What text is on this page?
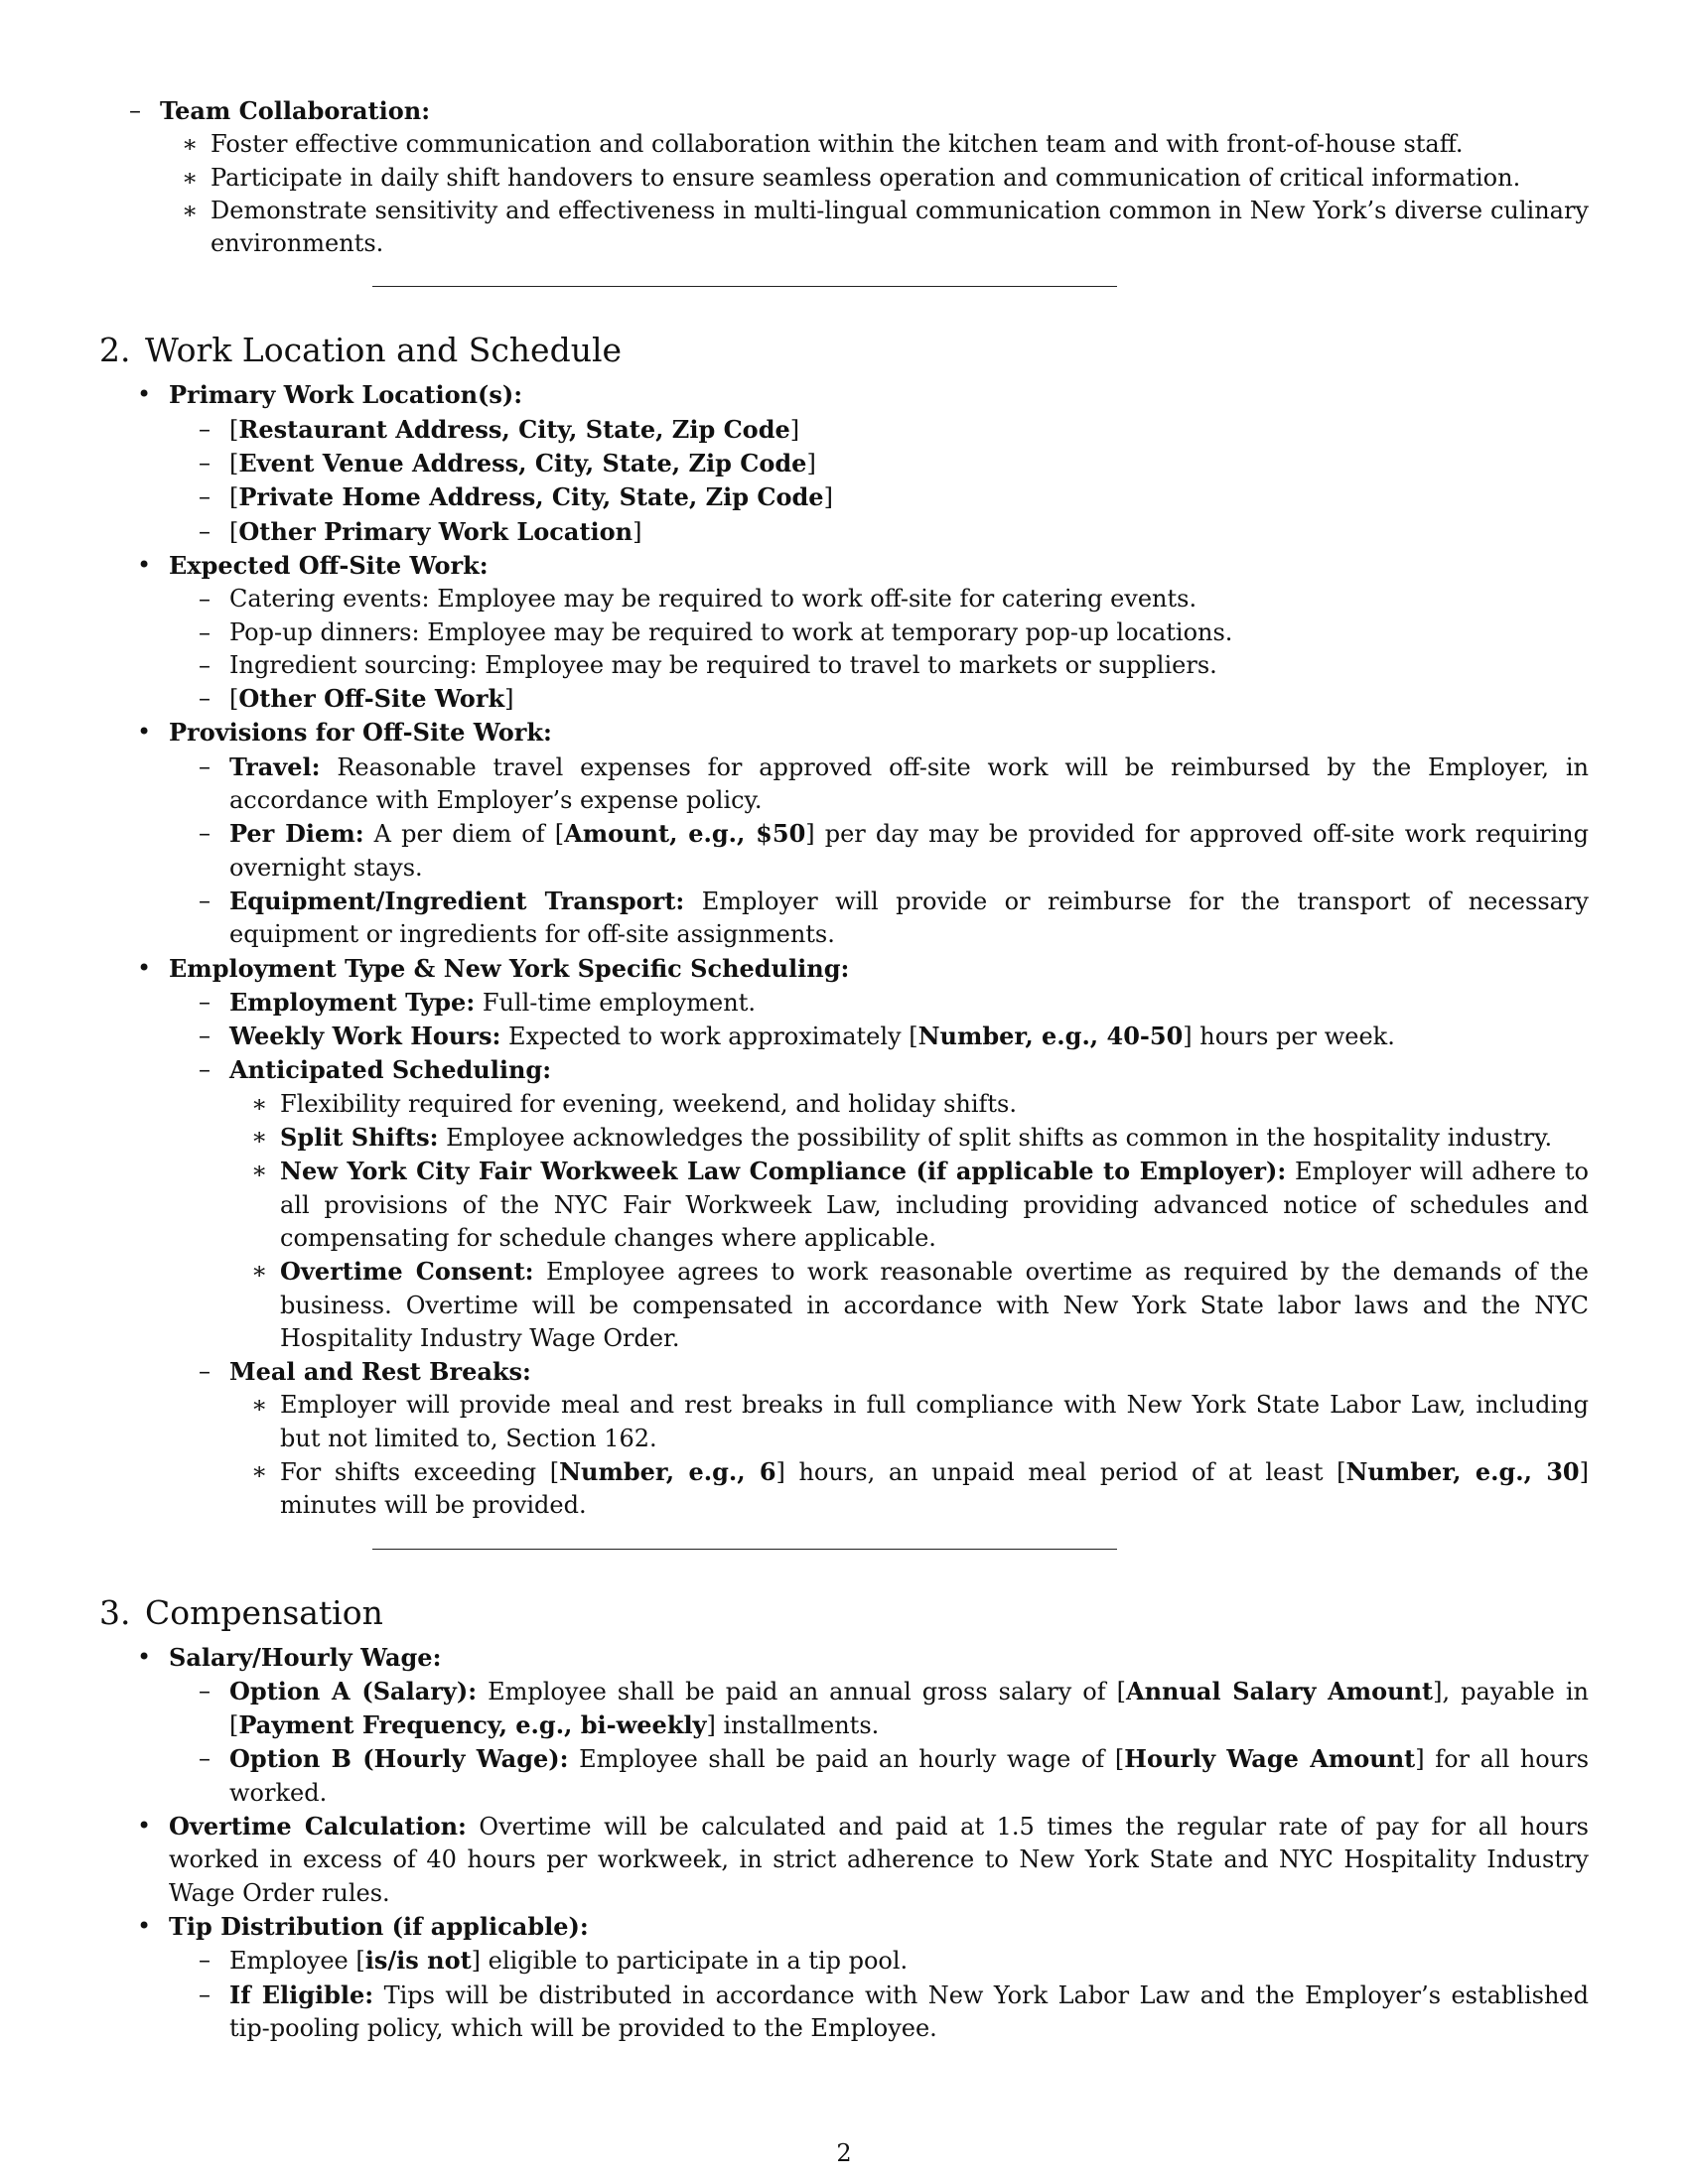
– Team Collaboration:
∗ Foster effective communication and collaboration within the kitchen team and with front-of-house staff.
∗ Participate in daily shift handovers to ensure seamless operation and communication of critical information.
∗ Demonstrate sensitivity and effectiveness in multi-lingual communication common in New York’s diverse culinary environments.
2. Work Location and Schedule
• Primary Work Location(s):
– [Restaurant Address, City, State, Zip Code]
– [Event Venue Address, City, State, Zip Code]
– [Private Home Address, City, State, Zip Code]
– [Other Primary Work Location]
• Expected Off-Site Work:
– Catering events: Employee may be required to work off-site for catering events.
– Pop-up dinners: Employee may be required to work at temporary pop-up locations.
– Ingredient sourcing: Employee may be required to travel to markets or suppliers.
– [Other Off-Site Work]
• Provisions for Off-Site Work:
– Travel: Reasonable travel expenses for approved off-site work will be reimbursed by the Employer, in accordance with Employer’s expense policy.
– Per Diem: A per diem of [Amount, e.g., $50] per day may be provided for approved off-site work requiring overnight stays.
– Equipment/Ingredient Transport: Employer will provide or reimburse for the transport of necessary equipment or ingredients for off-site assignments.
• Employment Type & New York Specific Scheduling:
– Employment Type: Full-time employment.
– Weekly Work Hours: Expected to work approximately [Number, e.g., 40-50] hours per week.
– Anticipated Scheduling:
∗ Flexibility required for evening, weekend, and holiday shifts.
∗ Split Shifts: Employee acknowledges the possibility of split shifts as common in the hospitality industry.
∗ New York City Fair Workweek Law Compliance (if applicable to Employer): Employer will adhere to all provisions of the NYC Fair Workweek Law, including providing advanced notice of schedules and compensating for schedule changes where applicable.
∗ Overtime Consent: Employee agrees to work reasonable overtime as required by the demands of the business. Overtime will be compensated in accordance with New York State labor laws and the NYC Hospitality Industry Wage Order.
– Meal and Rest Breaks:
∗ Employer will provide meal and rest breaks in full compliance with New York State Labor Law, including but not limited to, Section 162.
∗ For shifts exceeding [Number, e.g., 6] hours, an unpaid meal period of at least [Number, e.g., 30] minutes will be provided.
3. Compensation
• Salary/Hourly Wage:
– Option A (Salary): Employee shall be paid an annual gross salary of [Annual Salary Amount], payable in [Payment Frequency, e.g., bi-weekly] installments.
– Option B (Hourly Wage): Employee shall be paid an hourly wage of [Hourly Wage Amount] for all hours worked.
• Overtime Calculation: Overtime will be calculated and paid at 1.5 times the regular rate of pay for all hours worked in excess of 40 hours per workweek, in strict adherence to New York State and NYC Hospitality Industry Wage Order rules.
• Tip Distribution (if applicable):
– Employee [is/is not] eligible to participate in a tip pool.
– If Eligible: Tips will be distributed in accordance with New York Labor Law and the Employer’s established tip-pooling policy, which will be provided to the Employee.
2
